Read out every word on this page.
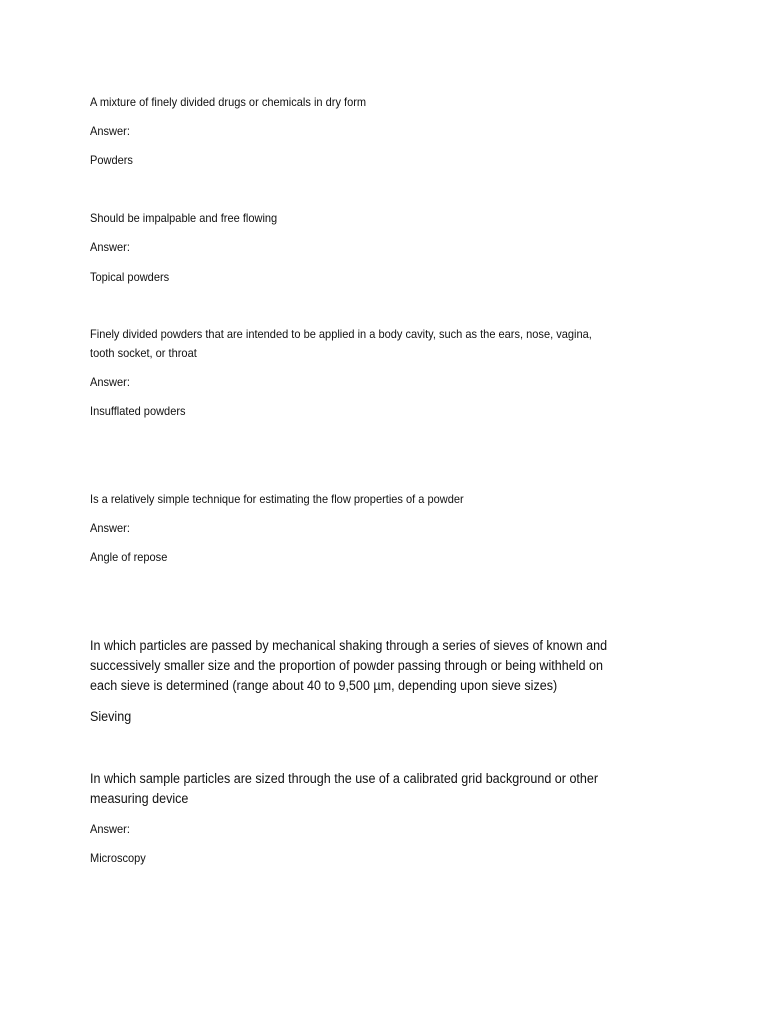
A mixture of finely divided drugs or chemicals in dry form

Answer:

Powders

Should be impalpable and free flowing

Answer:

Topical powders

Finely divided powders that are intended to be applied in a body cavity, such as the ears, nose, vagina,

tooth socket, or throat

Answer:

Insufflated powders

Is a relatively simple technique for estimating the flow properties of a powder

Answer:

Angle of repose

In which particles are passed by mechanical shaking through a series of sieves of known and

successively smaller size and the proportion of powder passing through or being withheld on

each sieve is determined (range about 40 to 9,500 µm, depending upon sieve sizes)

Sieving

In which sample particles are sized through the use of a calibrated grid background or other

measuring device

Answer:

Microscopy
